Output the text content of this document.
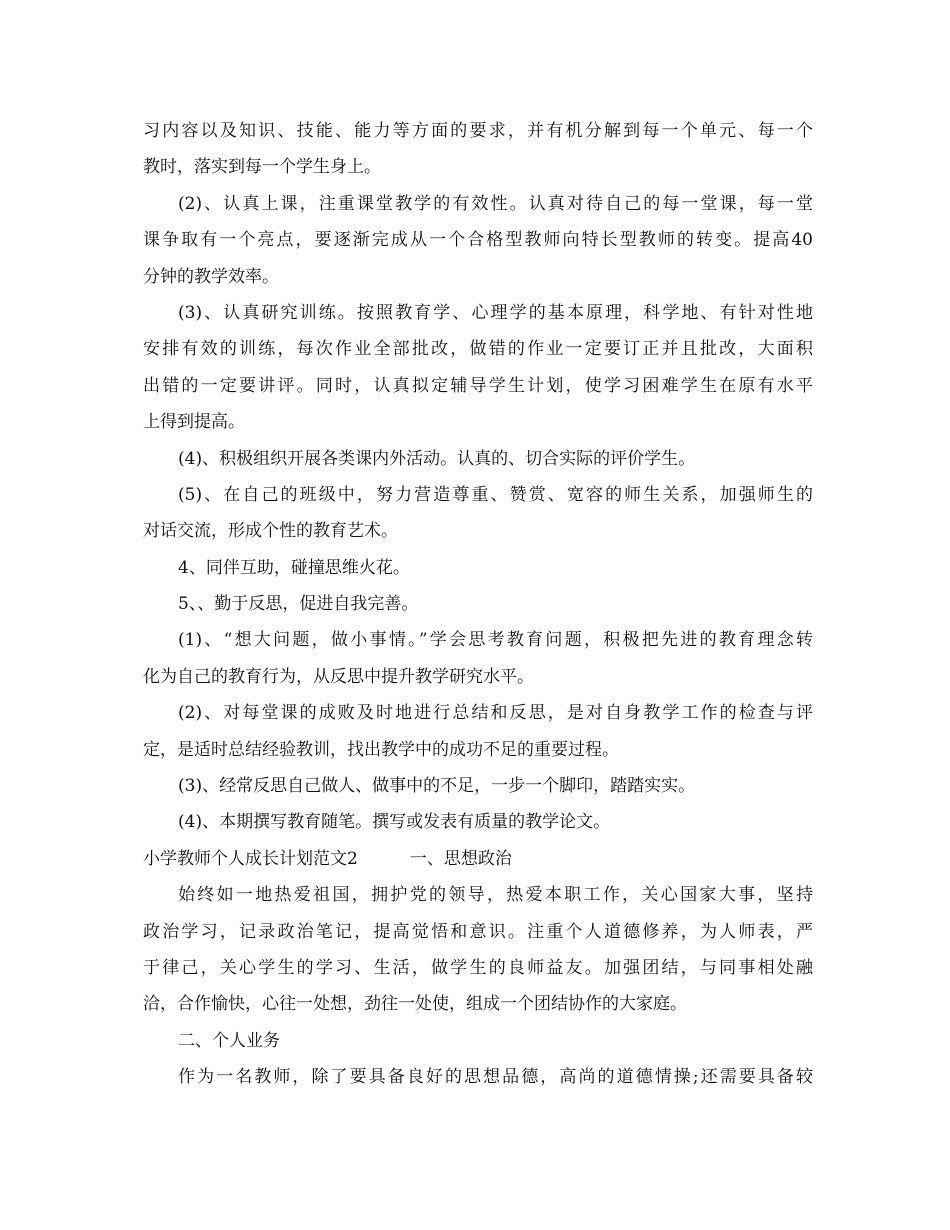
习内容以及知识、技能、能力等方面的要求，并有机分解到每一个单元、每一个
教时，落实到每一个学生身上。
(2)、认真上课，注重课堂教学的有效性。认真对待自己的每一堂课，每一堂
课争取有一个亮点，要逐渐完成从一个合格型教师向特长型教师的转变。提高40
分钟的教学效率。
(3)、认真研究训练。按照教育学、心理学的基本原理，科学地、有针对性地
安排有效的训练，每次作业全部批改，做错的作业一定要订正并且批改，大面积
出错的一定要讲评。同时，认真拟定辅导学生计划，使学习困难学生在原有水平
上得到提高。
(4)、积极组织开展各类课内外活动。认真的、切合实际的评价学生。
(5)、在自己的班级中，努力营造尊重、赞赏、宽容的师生关系，加强师生的
对话交流，形成个性的教育艺术。
4、同伴互助，碰撞思维火花。
5、、勤于反思，促进自我完善。
(1)、“想大问题，做小事情。”学会思考教育问题，积极把先进的教育理念转
化为自己的教育行为，从反思中提升教学研究水平。
(2)、对每堂课的成败及时地进行总结和反思，是对自身教学工作的检查与评
定，是适时总结经验教训，找出教学中的成功不足的重要过程。
(3)、经常反思自己做人、做事中的不足，一步一个脚印，踏踏实实。
(4)、本期撰写教育随笔。撰写或发表有质量的教学论文。
小学教师个人成长计划范文2	一、思想政治
始终如一地热爱祖国，拥护党的领导，热爱本职工作，关心国家大事，坚持
政治学习，记录政治笔记，提高觉悟和意识。注重个人道德修养，为人师表，严
于律己，关心学生的学习、生活，做学生的良师益友。加强团结，与同事相处融
洽，合作愉快，心往一处想，劲往一处使，组成一个团结协作的大家庭。
二、个人业务
作为一名教师，除了要具备良好的思想品德，高尚的道德情操;还需要具备较
